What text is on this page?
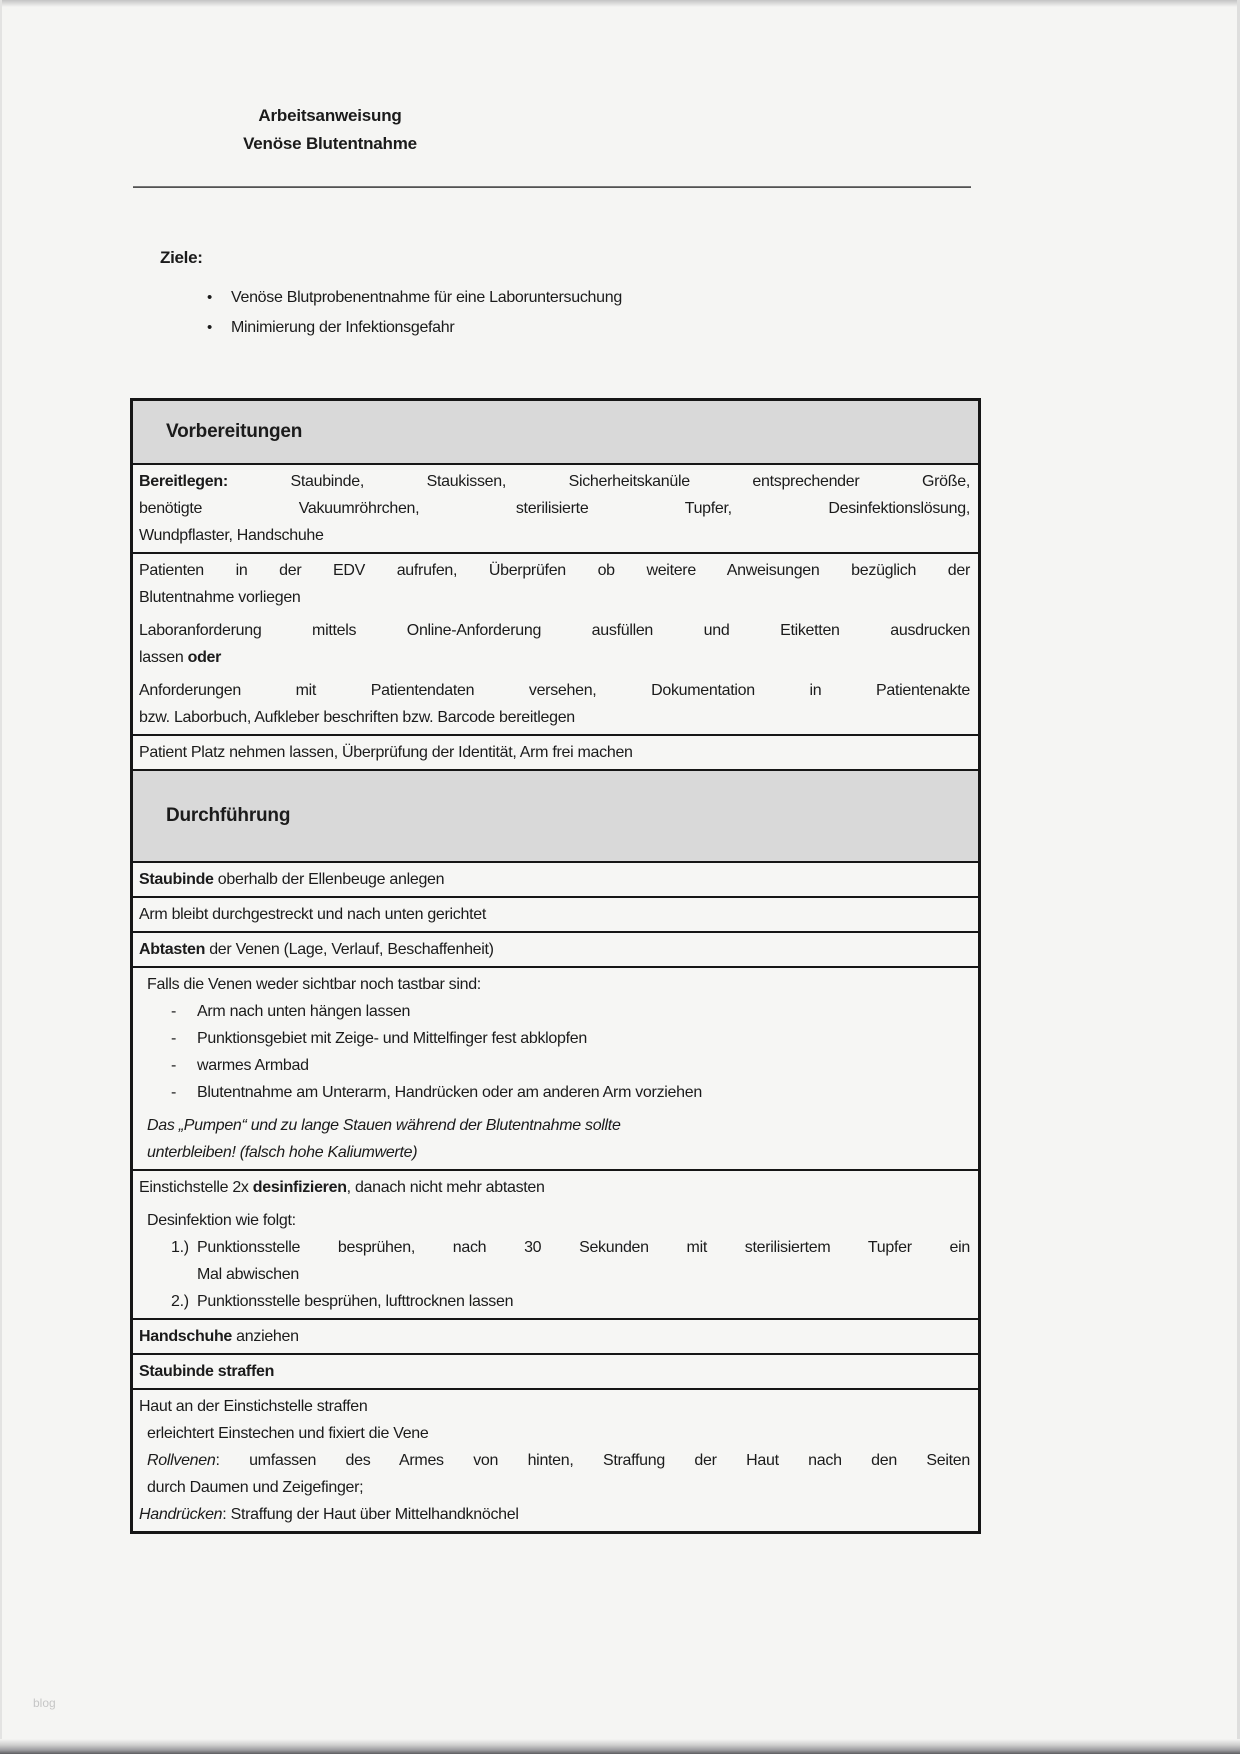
Arbeitsanweisung
Venöse Blutentnahme
Ziele:
•	Venöse Blutprobenentnahme für eine Laboruntersuchung
•	Minimierung der Infektionsgefahr
Vorbereitungen
Bereitlegen: Staubinde, Staukissen, Sicherheitskanüle entsprechender Größe,
benötigte Vakuumröhrchen, sterilisierte Tupfer, Desinfektionslösung,
Wundpflaster, Handschuhe
Patienten in der EDV aufrufen, Überprüfen ob weitere Anweisungen bezüglich der
Blutentnahme vorliegen
Laboranforderung mittels Online-Anforderung ausfüllen und Etiketten ausdrucken
lassen oder
Anforderungen mit Patientendaten versehen, Dokumentation in Patientenakte
bzw. Laborbuch, Aufkleber beschriften bzw. Barcode bereitlegen
Patient Platz nehmen lassen, Überprüfung der Identität, Arm frei machen
Durchführung
Staubinde oberhalb der Ellenbeuge anlegen
Arm bleibt durchgestreckt und nach unten gerichtet
Abtasten der Venen (Lage, Verlauf, Beschaffenheit)
Falls die Venen weder sichtbar noch tastbar sind:
- Arm nach unten hängen lassen
- Punktionsgebiet mit Zeige- und Mittelfinger fest abklopfen
- warmes Armbad
- Blutentnahme am Unterarm, Handrücken oder am anderen Arm vorziehen
Das „Pumpen“ und zu lange Stauen während der Blutentnahme sollte
unterbleiben! (falsch hohe Kaliumwerte)
Einstichstelle 2x desinfizieren, danach nicht mehr abtasten
Desinfektion wie folgt:
1.) Punktionsstelle besprühen, nach 30 Sekunden mit sterilisiertem Tupfer ein
Mal abwischen
2.) Punktionsstelle besprühen, lufttrocknen lassen
Handschuhe anziehen
Staubinde straffen
Haut an der Einstichstelle straffen
erleichtert Einstechen und fixiert die Vene
Rollvenen: umfassen des Armes von hinten, Straffung der Haut nach den Seiten
durch Daumen und Zeigefinger;
Handrücken: Straffung der Haut über Mittelhandknöchel
blog
